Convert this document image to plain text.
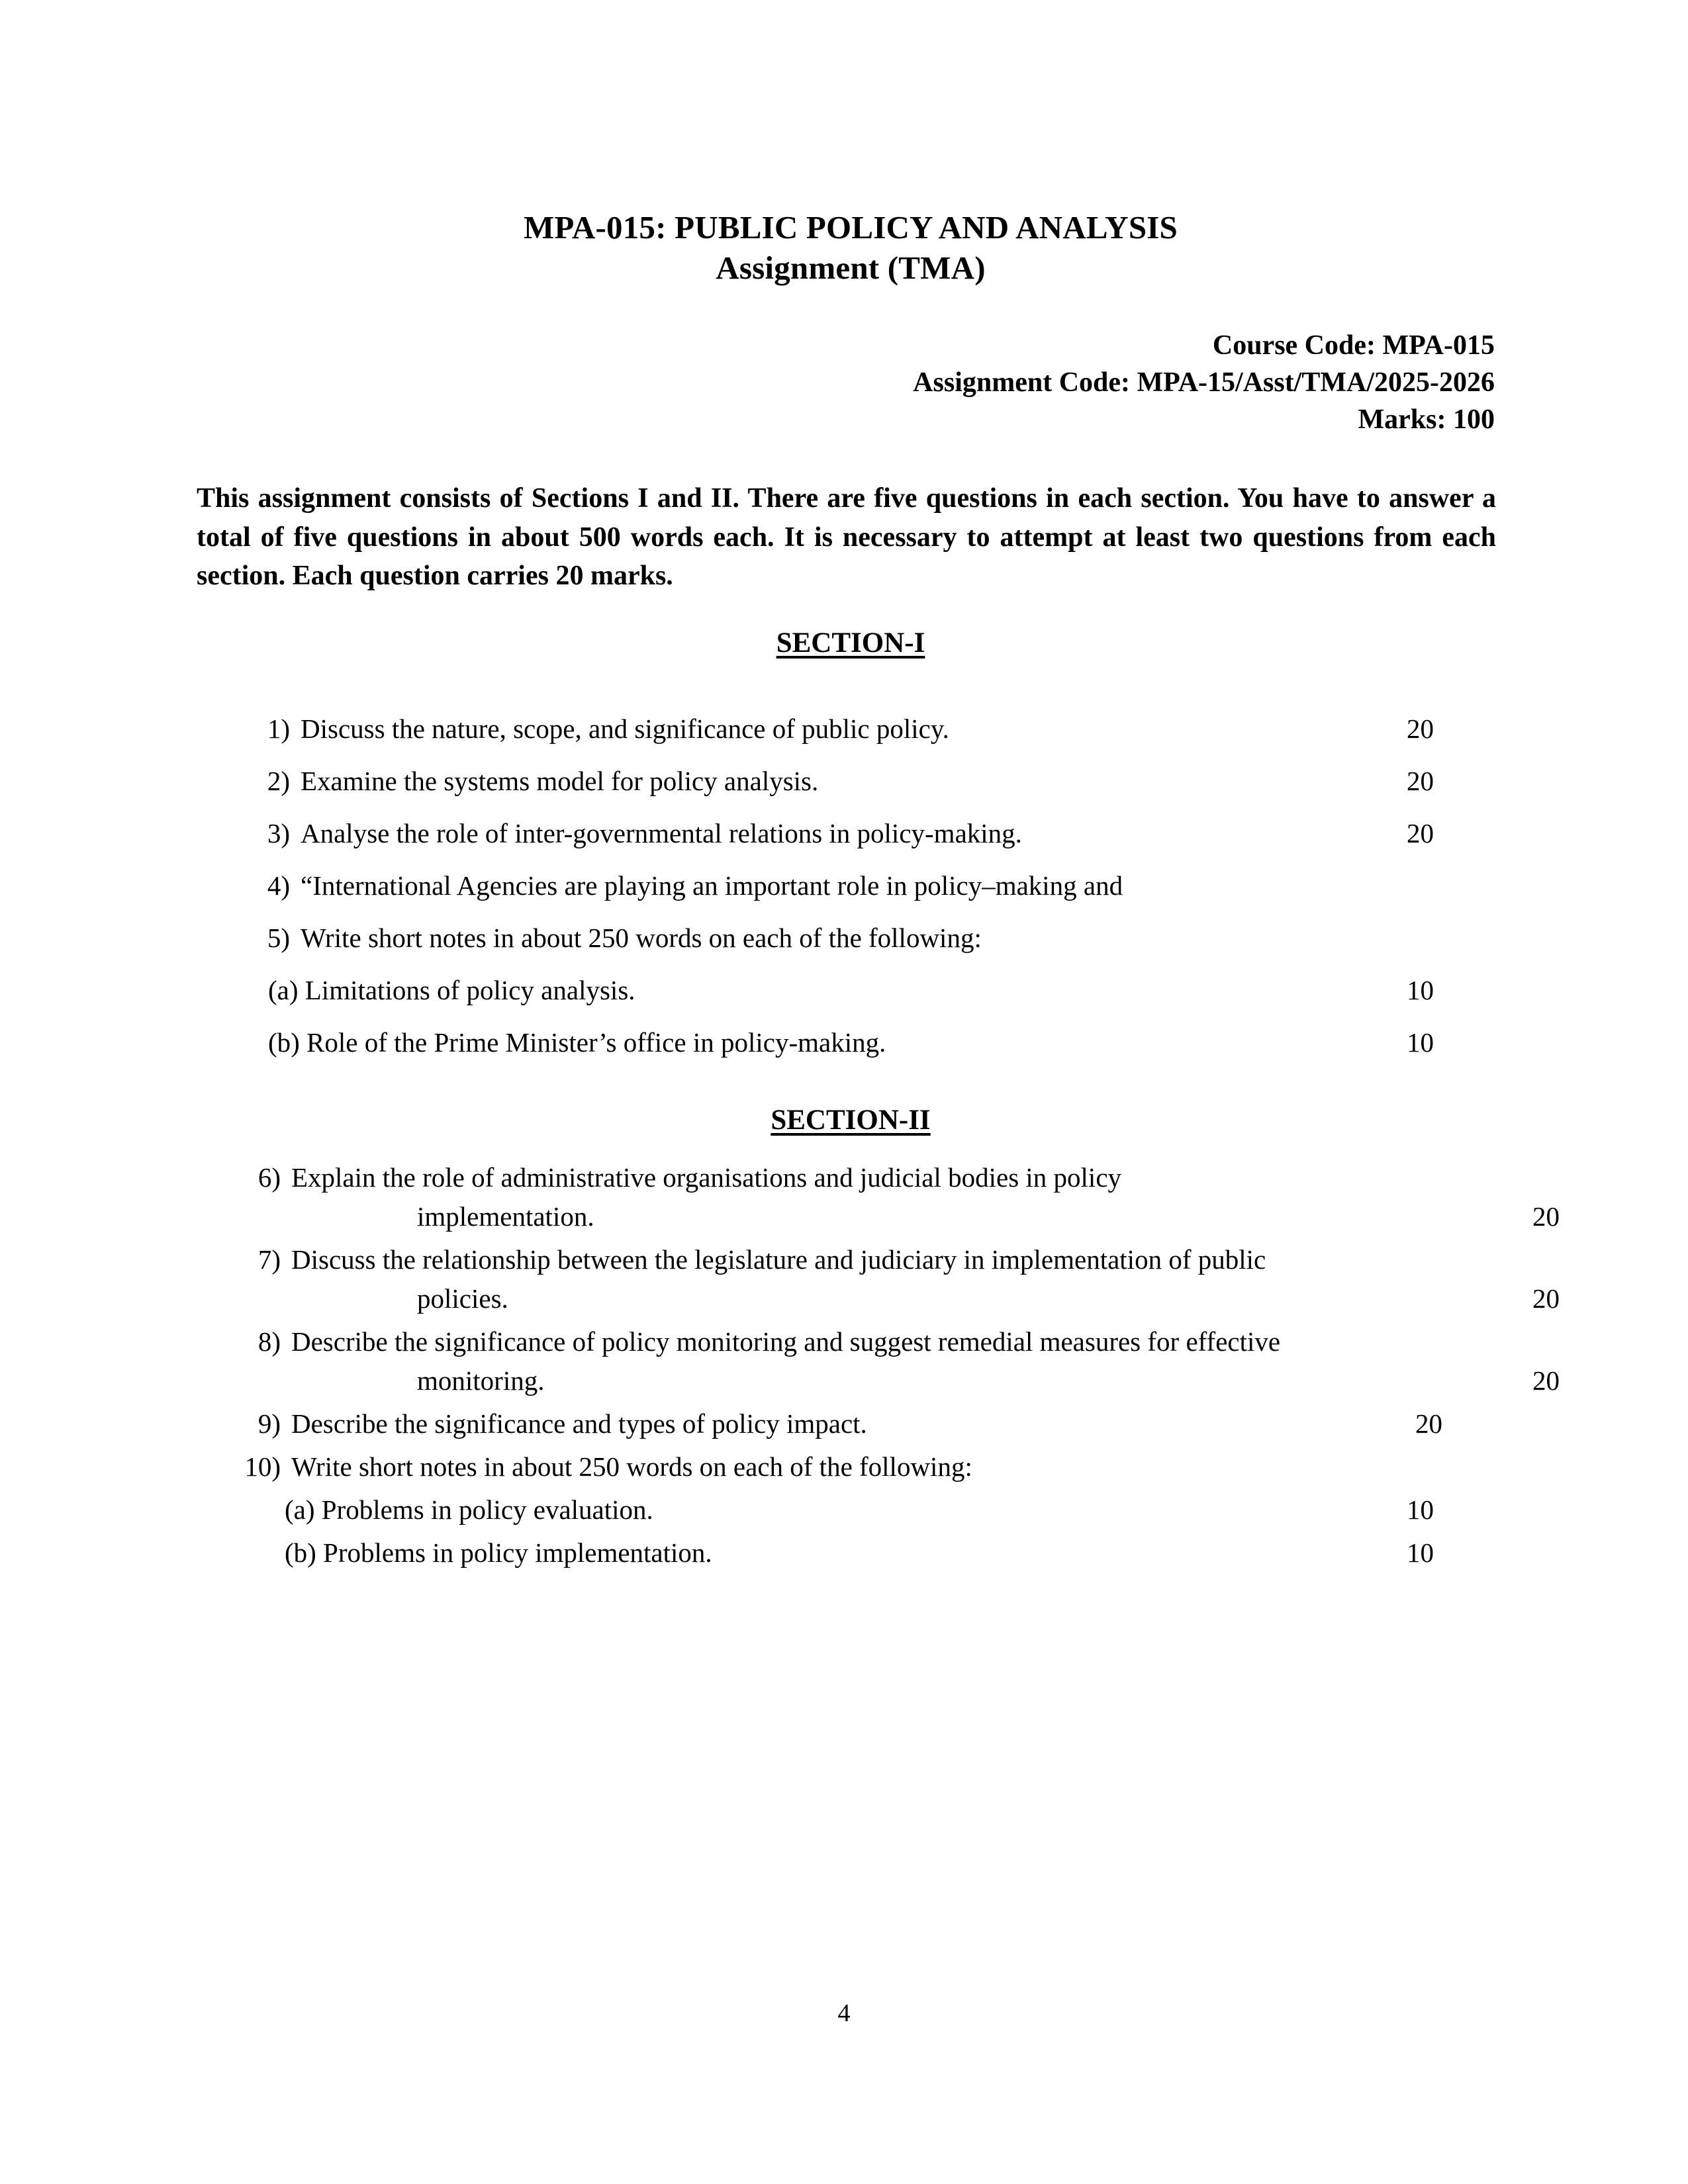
MPA-015: PUBLIC POLICY AND ANALYSIS
Assignment (TMA)
Course Code: MPA-015
Assignment Code: MPA-15/Asst/TMA/2025-2026
Marks: 100
This assignment consists of Sections I and II. There are five questions in each section. You have to answer a total of five questions in about 500 words each. It is necessary to attempt at least two questions from each section. Each question carries 20 marks.
SECTION-I
1) Discuss the nature, scope, and significance of public policy.	20
2) Examine the systems model for policy analysis.	20
3) Analyse the role of inter-governmental relations in policy-making.	20
4) “International Agencies are playing an important role in policy–making and
5) Write short notes in about 250 words on each of the following:
(a) Limitations of policy analysis.	10
(b) Role of the Prime Minister’s office in policy-making.	10
SECTION-II
6) Explain the role of administrative organisations and judicial bodies in policy
implementation.	20
7) Discuss the relationship between the legislature and judiciary in implementation of public
policies.	20
8) Describe the significance of policy monitoring and suggest remedial measures for effective
monitoring.	20
9) Describe the significance and types of policy impact.	20
10) Write short notes in about 250 words on each of the following:
(a) Problems in policy evaluation.	10
(b) Problems in policy implementation.	10
4
